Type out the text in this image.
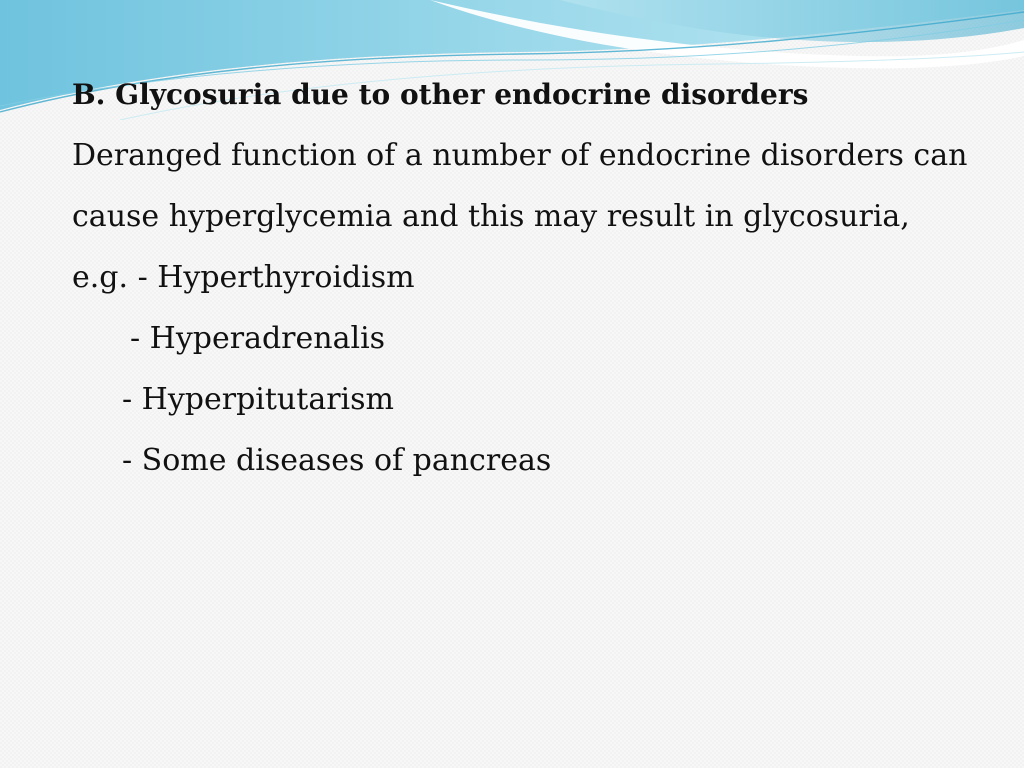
B. Glycosuria due to other endocrine disorders
Deranged function of a number of endocrine disorders can
cause hyperglycemia and this may result in glycosuria,
e.g. - Hyperthyroidism
- Hyperadrenalis
- Hyperpitutarism
- Some diseases of pancreas
